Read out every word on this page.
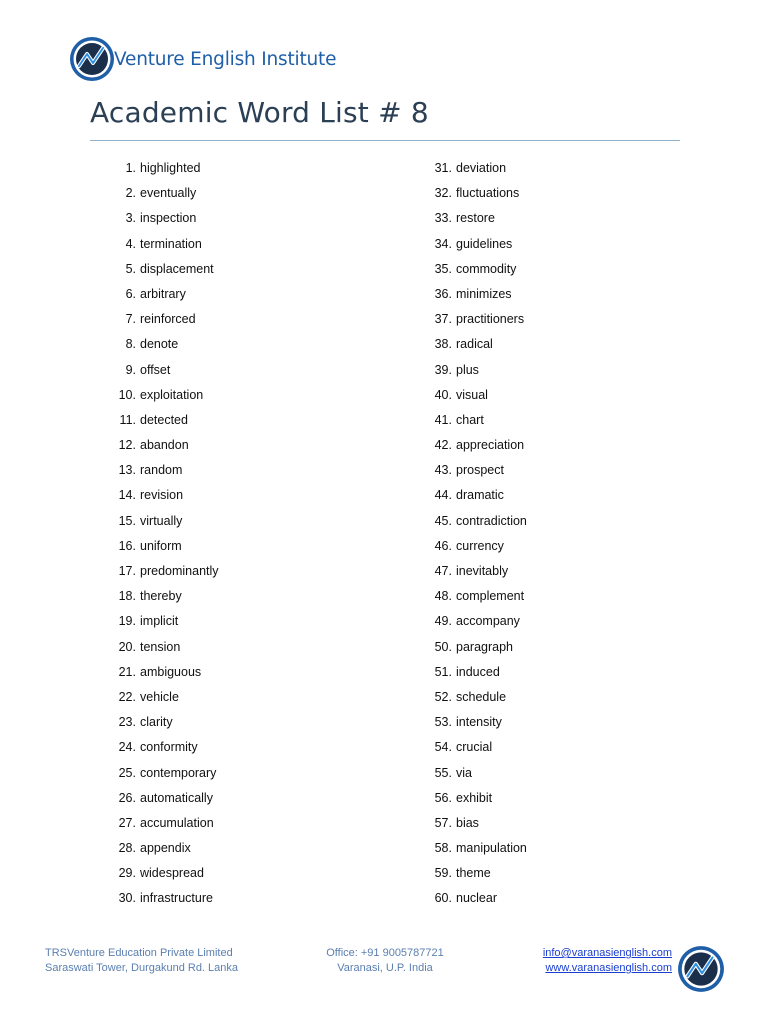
Venture English Institute
Academic Word List # 8
1. highlighted
2. eventually
3. inspection
4. termination
5. displacement
6. arbitrary
7. reinforced
8. denote
9. offset
10. exploitation
11. detected
12. abandon
13. random
14. revision
15. virtually
16. uniform
17. predominantly
18. thereby
19. implicit
20. tension
21. ambiguous
22. vehicle
23. clarity
24. conformity
25. contemporary
26. automatically
27. accumulation
28. appendix
29. widespread
30. infrastructure
31. deviation
32. fluctuations
33. restore
34. guidelines
35. commodity
36. minimizes
37. practitioners
38. radical
39. plus
40. visual
41. chart
42. appreciation
43. prospect
44. dramatic
45. contradiction
46. currency
47. inevitably
48. complement
49. accompany
50. paragraph
51. induced
52. schedule
53. intensity
54. crucial
55. via
56. exhibit
57. bias
58. manipulation
59. theme
60. nuclear
TRSVenture Education Private Limited
Saraswati Tower, Durgakund Rd. Lanka
Office: +91 9005787721
Varanasi, U.P. India
info@varanasienglish.com
www.varanasienglish.com
